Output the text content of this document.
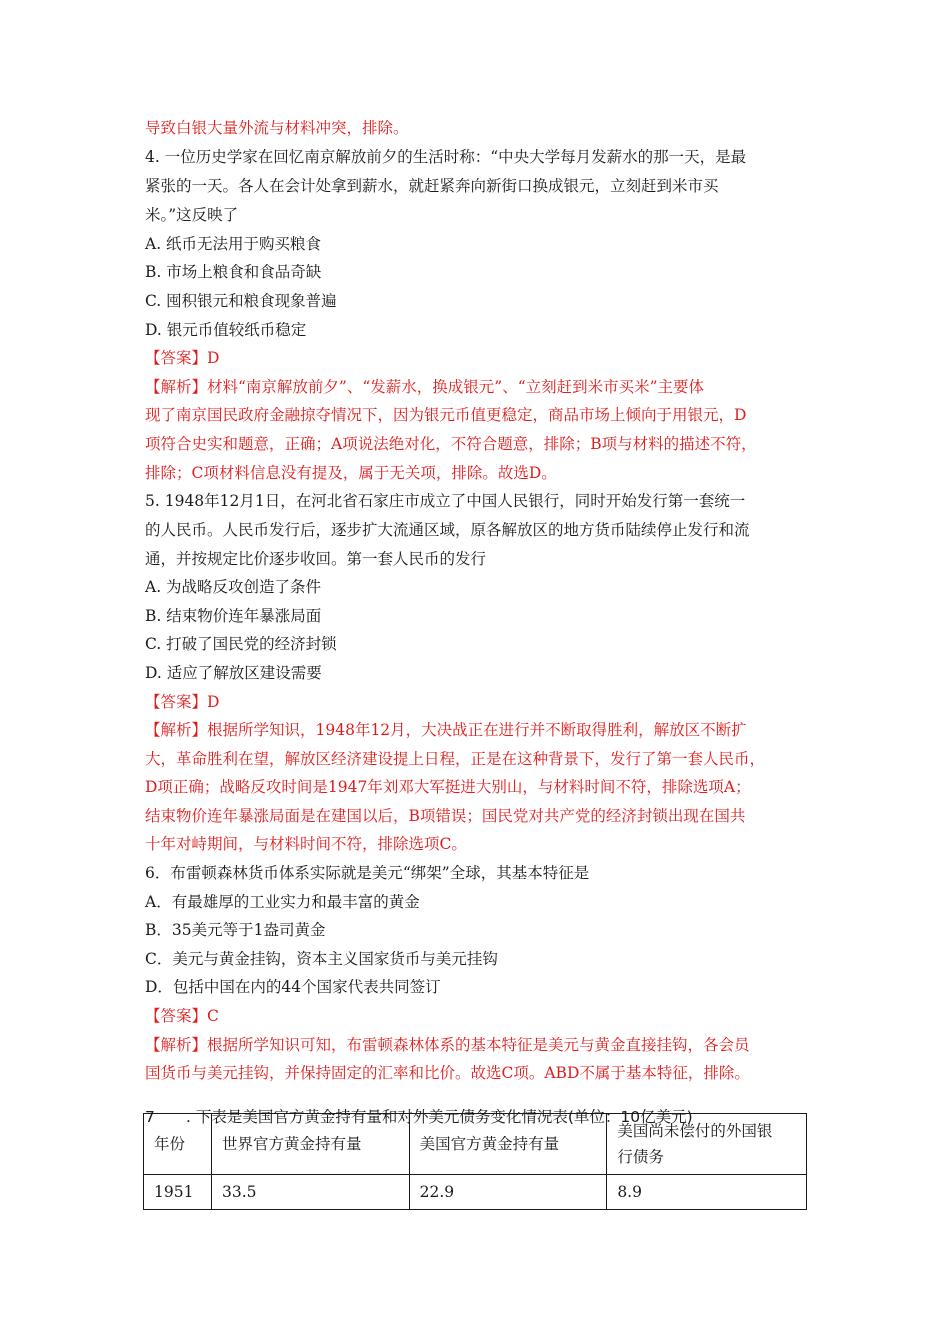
导致白银大量外流与材料冲突，排除。
4. 一位历史学家在回忆南京解放前夕的生活时称：“中央大学每月发薪水的那一天，是最
紧张的一天。各人在会计处拿到薪水，就赶紧奔向新街口换成银元，立刻赶到米市买
米。”这反映了
A. 纸币无法用于购买粮食
B. 市场上粮食和食品奇缺
C. 囤积银元和粮食现象普遍
D. 银元币值较纸币稳定
【答案】D
【解析】材料“南京解放前夕”、“发薪水，换成银元”、“立刻赶到米市买米”主要体
现了南京国民政府金融掠夺情况下，因为银元币值更稳定，商品市场上倾向于用银元，D
项符合史实和题意，正确；A项说法绝对化，不符合题意，排除；B项与材料的描述不符，
排除；C项材料信息没有提及，属于无关项，排除。故选D。
5. 1948年12月1日，在河北省石家庄市成立了中国人民银行，同时开始发行第一套统一
的人民币。人民币发行后，逐步扩大流通区域，原各解放区的地方货币陆续停止发行和流
通，并按规定比价逐步收回。第一套人民币的发行
A. 为战略反攻创造了条件
B. 结束物价连年暴涨局面
C. 打破了国民党的经济封锁
D. 适应了解放区建设需要
【答案】D
【解析】根据所学知识，1948年12月，大决战正在进行并不断取得胜利，解放区不断扩
大，革命胜利在望，解放区经济建设提上日程，正是在这种背景下，发行了第一套人民币，
D项正确；战略反攻时间是1947年刘邓大军挺进大别山，与材料时间不符，排除选项A；
结束物价连年暴涨局面是在建国以后，B项错误；国民党对共产党的经济封锁出现在国共
十年对峙期间，与材料时间不符，排除选项C。
6．布雷顿森林货币体系实际就是美元“绑架”全球，其基本特征是
A．有最雄厚的工业实力和最丰富的黄金
B．35美元等于1盎司黄金
C．美元与黄金挂钩，资本主义国家货币与美元挂钩
D．包括中国在内的44个国家代表共同签订
【答案】C
【解析】根据所学知识可知，布雷顿森林体系的基本特征是美元与黄金直接挂钩，各会员
国货币与美元挂钩，并保持固定的汇率和比价。故选C项。ABD不属于基本特征，排除。
7 . 下表是美国官方黄金持有量和对外美元债务变化情况表(单位：10亿美元)
年份	世界官方黄金持有量	美国官方黄金持有量	美国尚未偿付的外国银
行债务

1951	33.5	22.9	8.9
